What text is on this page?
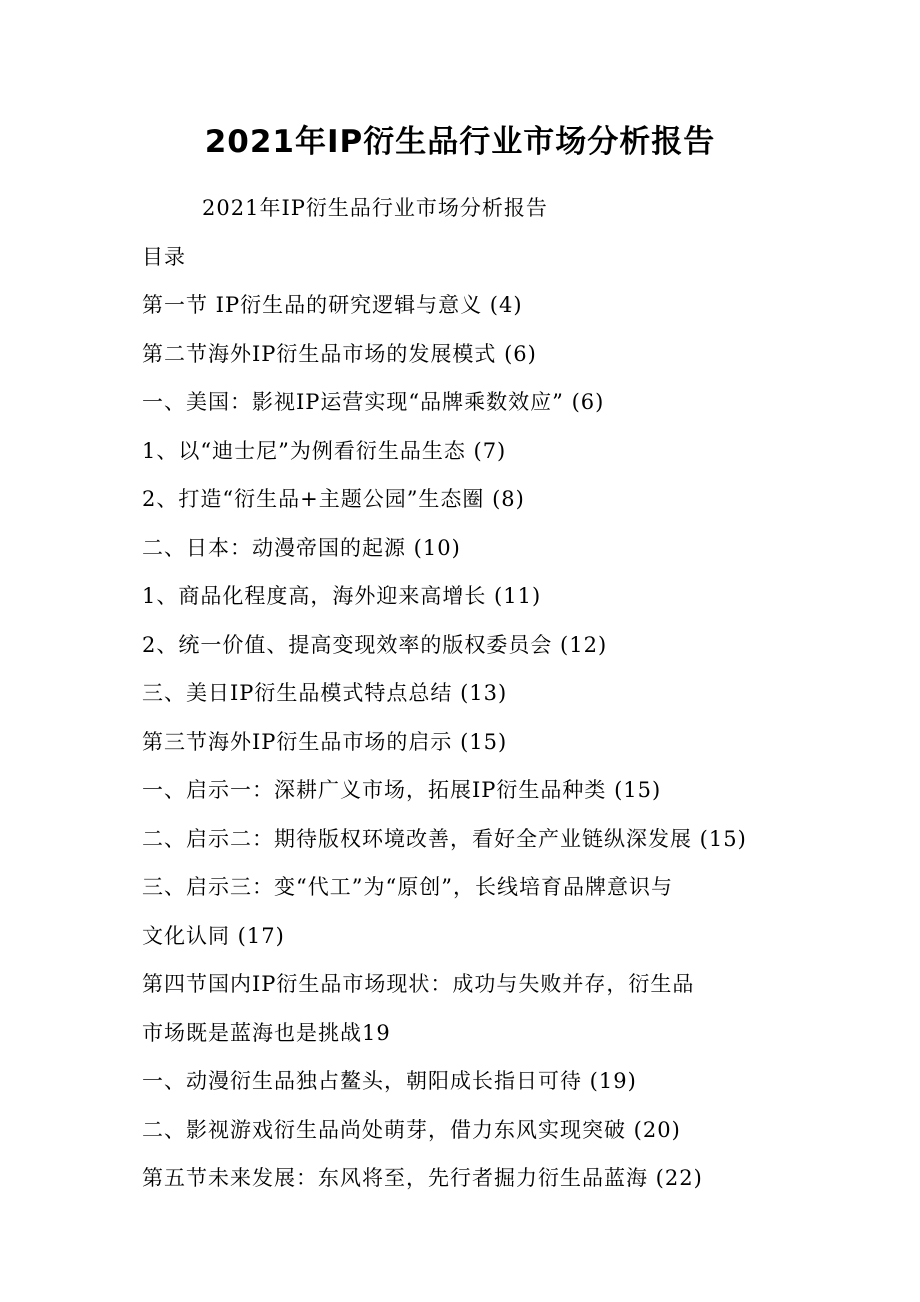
2021年IP衍生品行业市场分析报告
2021年IP衍生品行业市场分析报告
目录
第一节 IP衍生品的研究逻辑与意义 (4)
第二节海外IP衍生品市场的发展模式 (6)
一、美国：影视IP运营实现“品牌乘数效应” (6)
1、以“迪士尼”为例看衍生品生态 (7)
2、打造“衍生品+主题公园”生态圈 (8)
二、日本：动漫帝国的起源 (10)
1、商品化程度高，海外迎来高增长 (11)
2、统一价值、提高变现效率的版权委员会 (12)
三、美日IP衍生品模式特点总结 (13)
第三节海外IP衍生品市场的启示 (15)
一、启示一：深耕广义市场，拓展IP衍生品种类 (15)
二、启示二：期待版权环境改善，看好全产业链纵深发展 (15)
三、启示三：变“代工”为“原创”，长线培育品牌意识与
文化认同 (17)
第四节国内IP衍生品市场现状：成功与失败并存，衍生品
市场既是蓝海也是挑战19
一、动漫衍生品独占鳌头，朝阳成长指日可待 (19)
二、影视游戏衍生品尚处萌芽，借力东风实现突破 (20)
第五节未来发展：东风将至，先行者掘力衍生品蓝海 (22)
